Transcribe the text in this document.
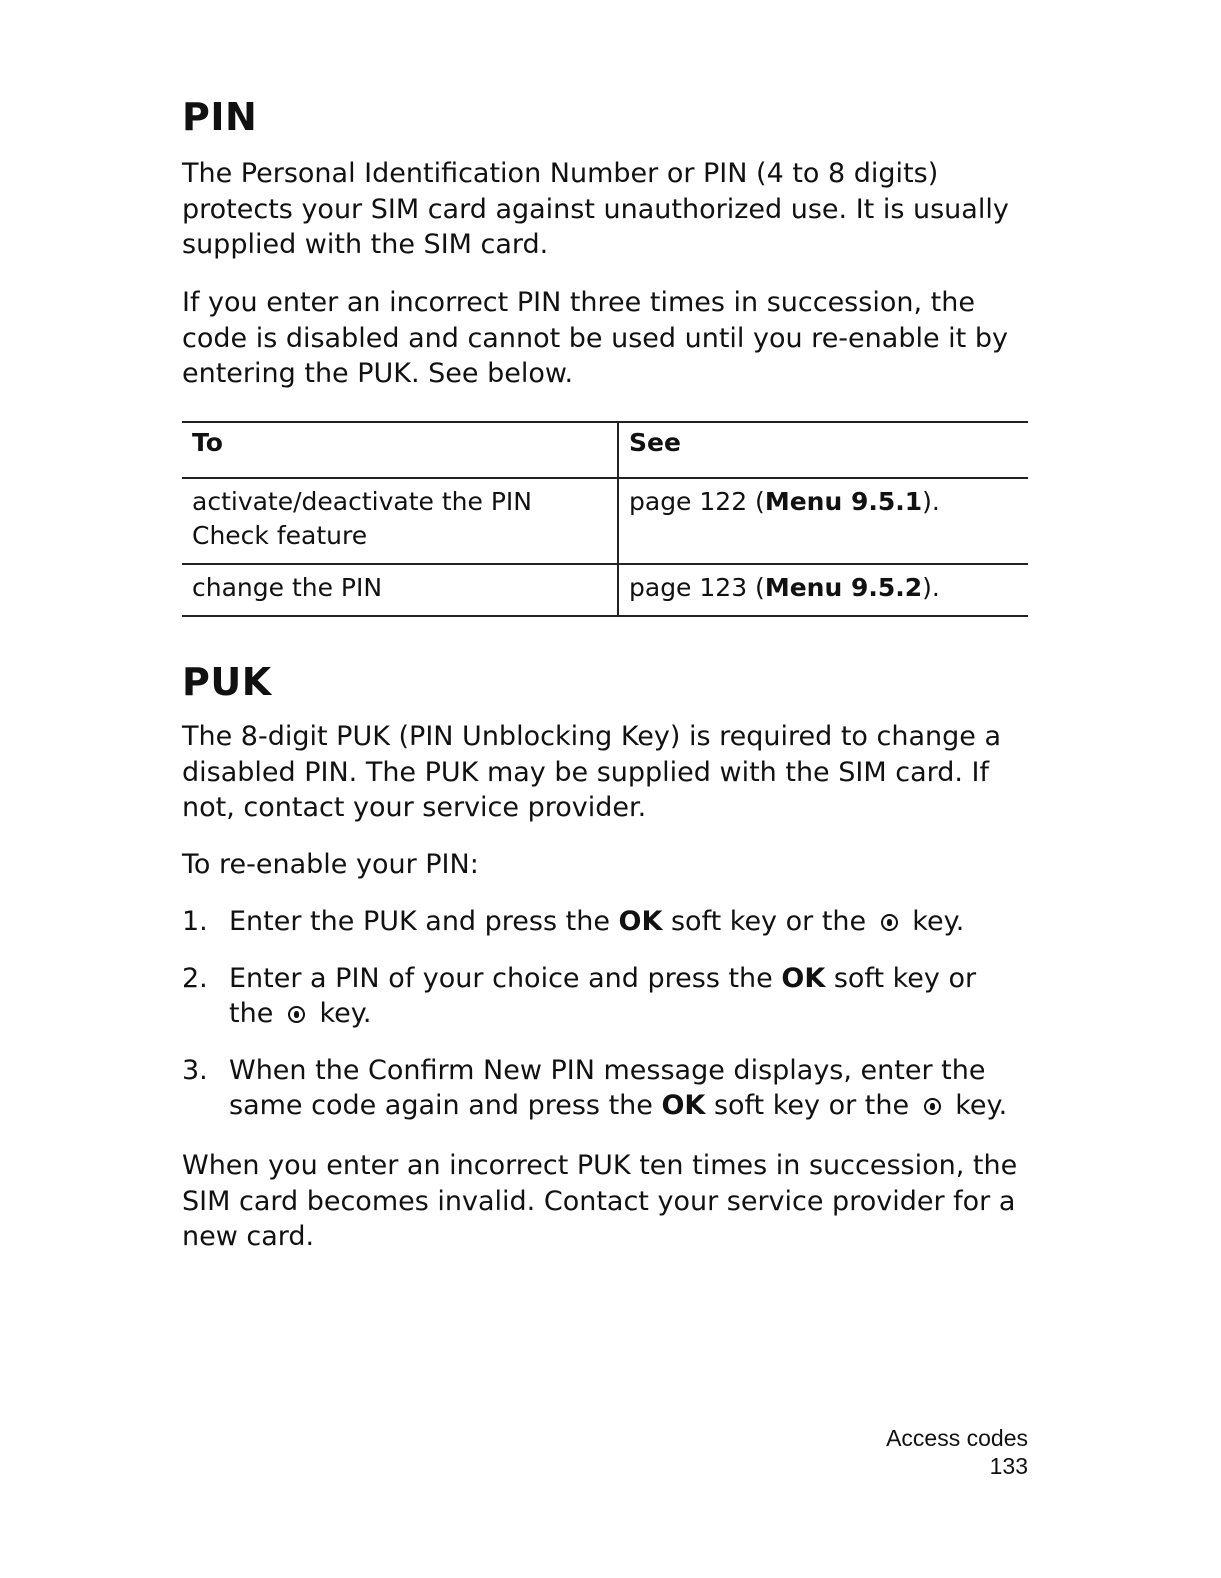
PIN

The Personal Identification Number or PIN (4 to 8 digits) protects your SIM card against unauthorized use. It is usually supplied with the SIM card.

If you enter an incorrect PIN three times in succession, the code is disabled and cannot be used until you re-enable it by entering the PUK. See below.

To	See
activate/deactivate the PIN Check feature	page 122 (Menu 9.5.1).
change the PIN	page 123 (Menu 9.5.2).
PUK

The 8-digit PUK (PIN Unblocking Key) is required to change a disabled PIN. The PUK may be supplied with the SIM card. If not, contact your service provider.

To re-enable your PIN:

1. Enter the PUK and press the OK soft key or the  key.
2. Enter a PIN of your choice and press the OK soft key or the  key.
3. When the Confirm New PIN message displays, enter the same code again and press the OK soft key or the  key.

When you enter an incorrect PUK ten times in succession, the SIM card becomes invalid. Contact your service provider for a new card.

Access codes
133
